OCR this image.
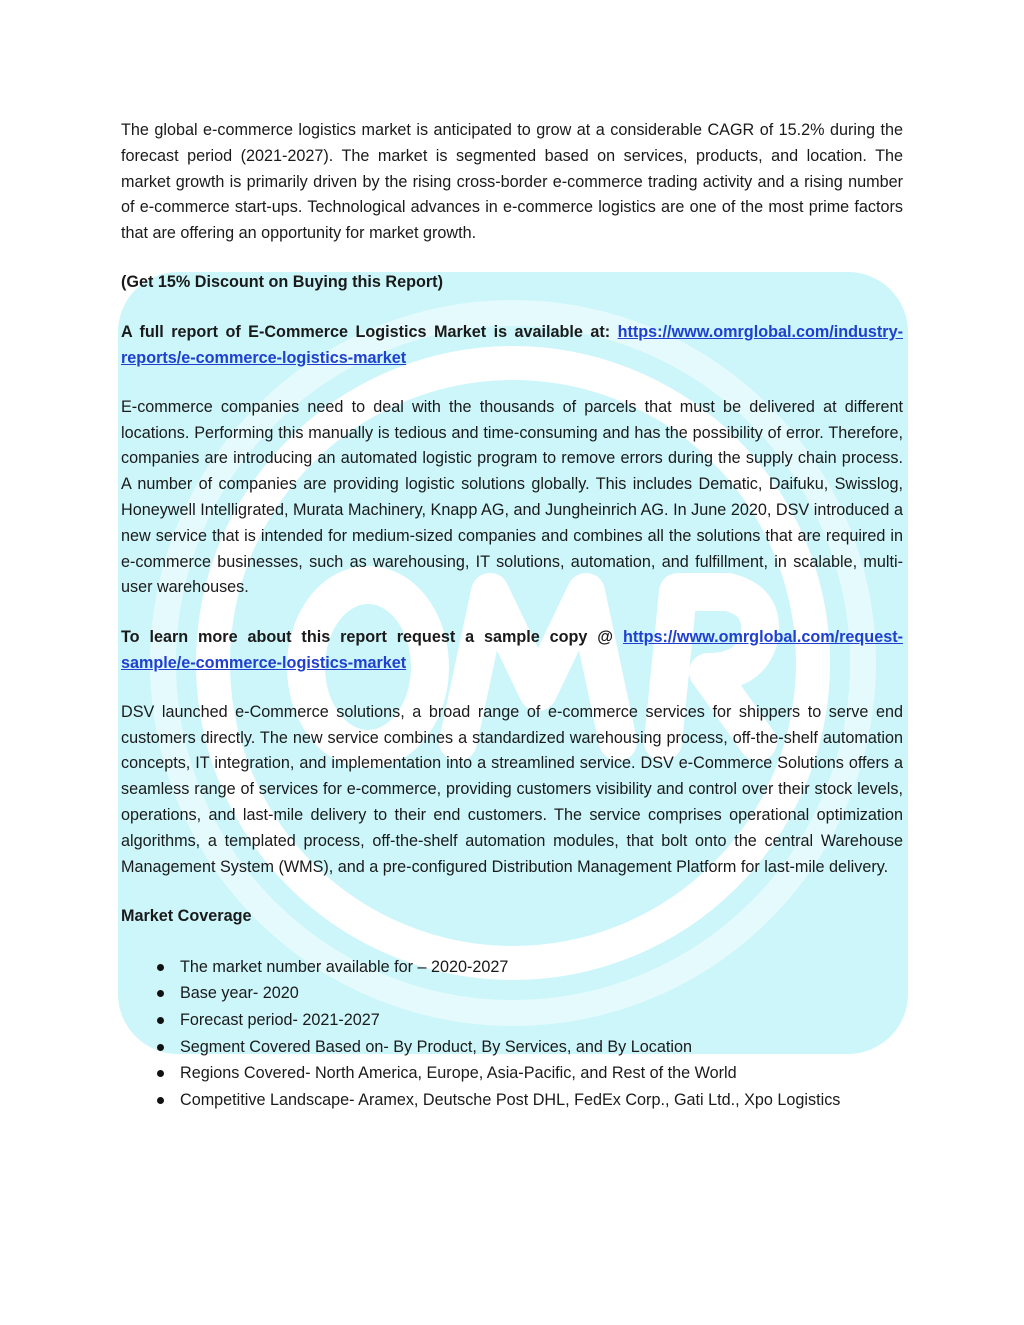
The global e-commerce logistics market is anticipated to grow at a considerable CAGR of 15.2% during the forecast period (2021-2027). The market is segmented based on services, products, and location. The market growth is primarily driven by the rising cross-border e-commerce trading activity and a rising number of e-commerce start-ups. Technological advances in e-commerce logistics are one of the most prime factors that are offering an opportunity for market growth.

(Get 15% Discount on Buying this Report)

A full report of E-Commerce Logistics Market is available at: https://www.omrglobal.com/industry-reports/e-commerce-logistics-market

E-commerce companies need to deal with the thousands of parcels that must be delivered at different locations. Performing this manually is tedious and time-consuming and has the possibility of error. Therefore, companies are introducing an automated logistic program to remove errors during the supply chain process. A number of companies are providing logistic solutions globally. This includes Dematic, Daifuku, Swisslog, Honeywell Intelligrated, Murata Machinery, Knapp AG, and Jungheinrich AG. In June 2020, DSV introduced a new service that is intended for medium-sized companies and combines all the solutions that are required in e-commerce businesses, such as warehousing, IT solutions, automation, and fulfillment, in scalable, multi-user warehouses.

To learn more about this report request a sample copy @ https://www.omrglobal.com/request-sample/e-commerce-logistics-market

DSV launched e-Commerce solutions, a broad range of e-commerce services for shippers to serve end customers directly. The new service combines a standardized warehousing process, off-the-shelf automation concepts, IT integration, and implementation into a streamlined service. DSV e-Commerce Solutions offers a seamless range of services for e-commerce, providing customers visibility and control over their stock levels, operations, and last-mile delivery to their end customers. The service comprises operational optimization algorithms, a templated process, off-the-shelf automation modules, that bolt onto the central Warehouse Management System (WMS), and a pre-configured Distribution Management Platform for last-mile delivery.

Market Coverage
The market number available for – 2020-2027
Base year- 2020
Forecast period- 2021-2027
Segment Covered Based on- By Product, By Services, and By Location
Regions Covered- North America, Europe, Asia-Pacific, and Rest of the World
Competitive Landscape- Aramex, Deutsche Post DHL, FedEx Corp., Gati Ltd., Xpo Logistics
